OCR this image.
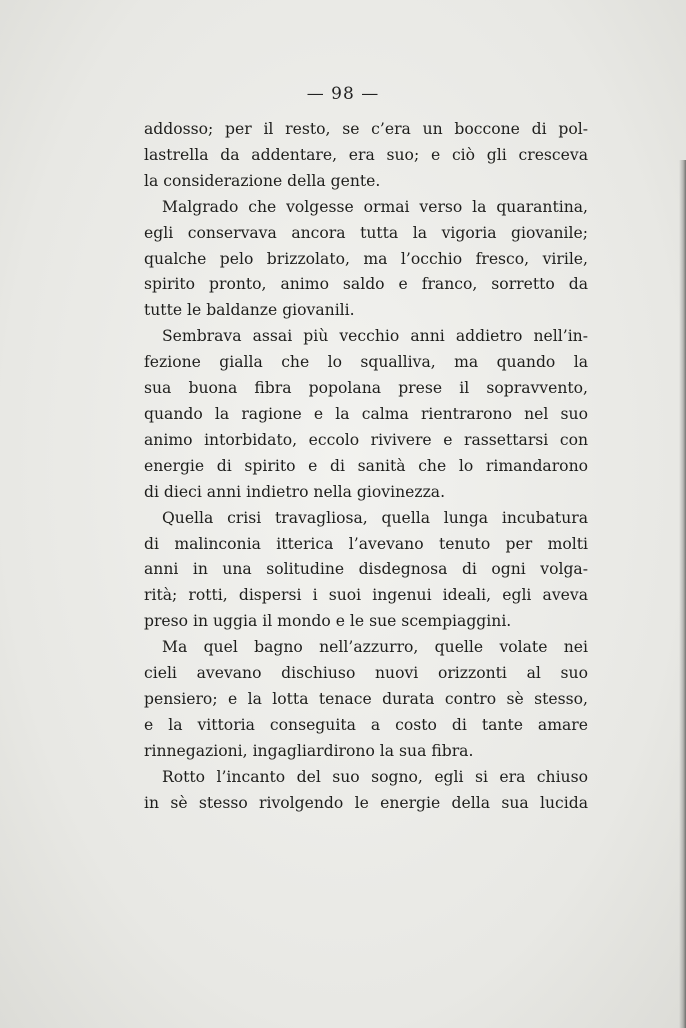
— 98 —
addosso; per il resto, se c’era un boccone di pol-
lastrella da addentare, era suo; e ciò gli cresceva
la considerazione della gente.
Malgrado che volgesse ormai verso la quarantina,
egli conservava ancora tutta la vigoria giovanile;
qualche pelo brizzolato, ma l’occhio fresco, virile,
spirito pronto, animo saldo e franco, sorretto da
tutte le baldanze giovanili.
Sembrava assai più vecchio anni addietro nell’in-
fezione gialla che lo squalliva, ma quando la
sua buona fibra popolana prese il sopravvento,
quando la ragione e la calma rientrarono nel suo
animo intorbidato, eccolo rivivere e rassettarsi con
energie di spirito e di sanità che lo rimandarono
di dieci anni indietro nella giovinezza.
Quella crisi travagliosa, quella lunga incubatura
di malinconia itterica l’avevano tenuto per molti
anni in una solitudine disdegnosa di ogni volga-
rità; rotti, dispersi i suoi ingenui ideali, egli aveva
preso in uggia il mondo e le sue scempiaggini.
Ma quel bagno nell’azzurro, quelle volate nei
cieli avevano dischiuso nuovi orizzonti al suo
pensiero; e la lotta tenace durata contro sè stesso,
e la vittoria conseguita a costo di tante amare
rinnegazioni, ingagliardirono la sua fibra.
Rotto l’incanto del suo sogno, egli si era chiuso
in sè stesso rivolgendo le energie della sua lucida
